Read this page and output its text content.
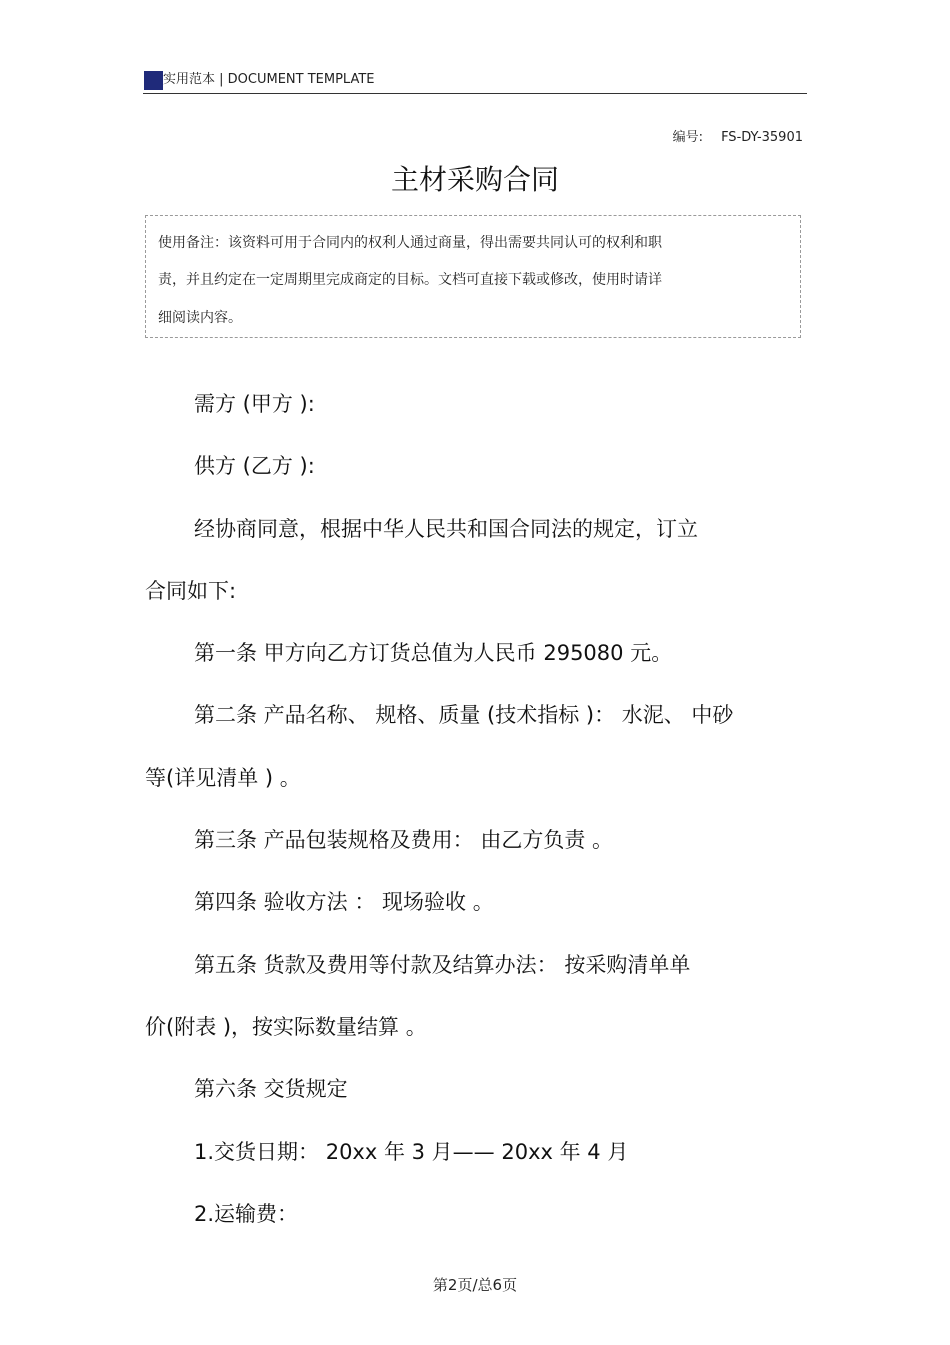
实用范本 | DOCUMENT TEMPLATE
编号: FS-DY-35901
主材采购合同
使用备注：该资料可用于合同内的权利人通过商量，得出需要共同认可的权利和职
责，并且约定在一定周期里完成商定的目标。文档可直接下载或修改，使用时请详
细阅读内容。
需方 (甲方 ):
供方 (乙方 ):
经协商同意，根据中华人民共和国合同法的规定，订立
合同如下:
第一条 甲方向乙方订货总值为人民币 295080 元。
第二条 产品名称、 规格、质量 (技术指标 )： 水泥、 中砂
等(详见清单 ) 。
第三条 产品包装规格及费用： 由乙方负责 。
第四条 验收方法 ： 现场验收 。
第五条 货款及费用等付款及结算办法： 按采购清单单
价(附表 )，按实际数量结算 。
第六条 交货规定
1.交货日期： 20xx 年 3 月—— 20xx 年 4 月
2.运输费：
第2页/总6页
